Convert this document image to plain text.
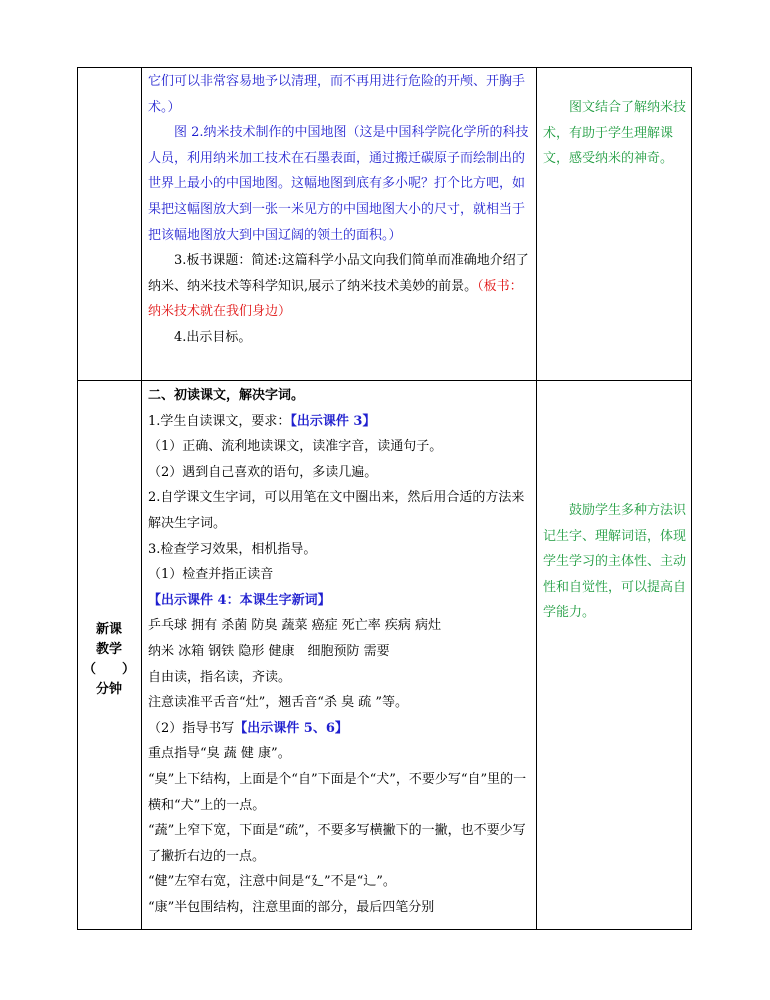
它们可以非常容易地予以清理，而不再用进行危险的开颅、开胸手术。）

图 2.纳米技术制作的中国地图（这是中国科学院化学所的科技人员，利用纳米加工技术在石墨表面，通过搬迁碳原子而绘制出的世界上最小的中国地图。这幅地图到底有多小呢？打个比方吧，如果把这幅图放大到一张一米见方的中国地图大小的尺寸，就相当于把该幅地图放大到中国辽阔的领土的面积。）

3.板书课题：简述:这篇科学小品文向我们简单而准确地介绍了纳米、纳米技术等科学知识,展示了纳米技术美妙的前景。（板书：纳米技术就在我们身边）

4.出示目标。

图文结合了解纳米技术，有助于学生理解课文，感受纳米的神奇。
新课
教学
（　　）
分钟

二、初读课文，解决字词。

1.学生自读课文，要求：【出示课件 3】

（1）正确、流利地读课文，读准字音，读通句子。

（2）遇到自己喜欢的语句，多读几遍。

2.自学课文生字词，可以用笔在文中圈出来，然后用合适的方法来解决生字词。

3.检查学习效果，相机指导。

（1）检查并指正读音

【出示课件 4：本课生字新词】

乒乓球 拥有 杀菌 防臭 蔬菜 癌症 死亡率 疾病 病灶

纳米 冰箱 钢铁 隐形 健康　细胞预防 需要

自由读，指名读，齐读。

注意读准平舌音“灶”，翘舌音“杀 臭 疏 ”等。

（2）指导书写【出示课件 5、6】

重点指导“臭 蔬 健 康”。

“臭”上下结构，上面是个“自”下面是个“犬”，不要少写“自”里的一横和“犬”上的一点。

“蔬”上窄下宽，下面是“疏”，不要多写横撇下的一撇，也不要少写了撇折右边的一点。

“健”左窄右宽，注意中间是“廴”不是“辶”。

“康”半包围结构，注意里面的部分，最后四笔分别

鼓励学生多种方法识记生字、理解词语，体现学生学习的主体性、主动性和自觉性，可以提高自学能力。
